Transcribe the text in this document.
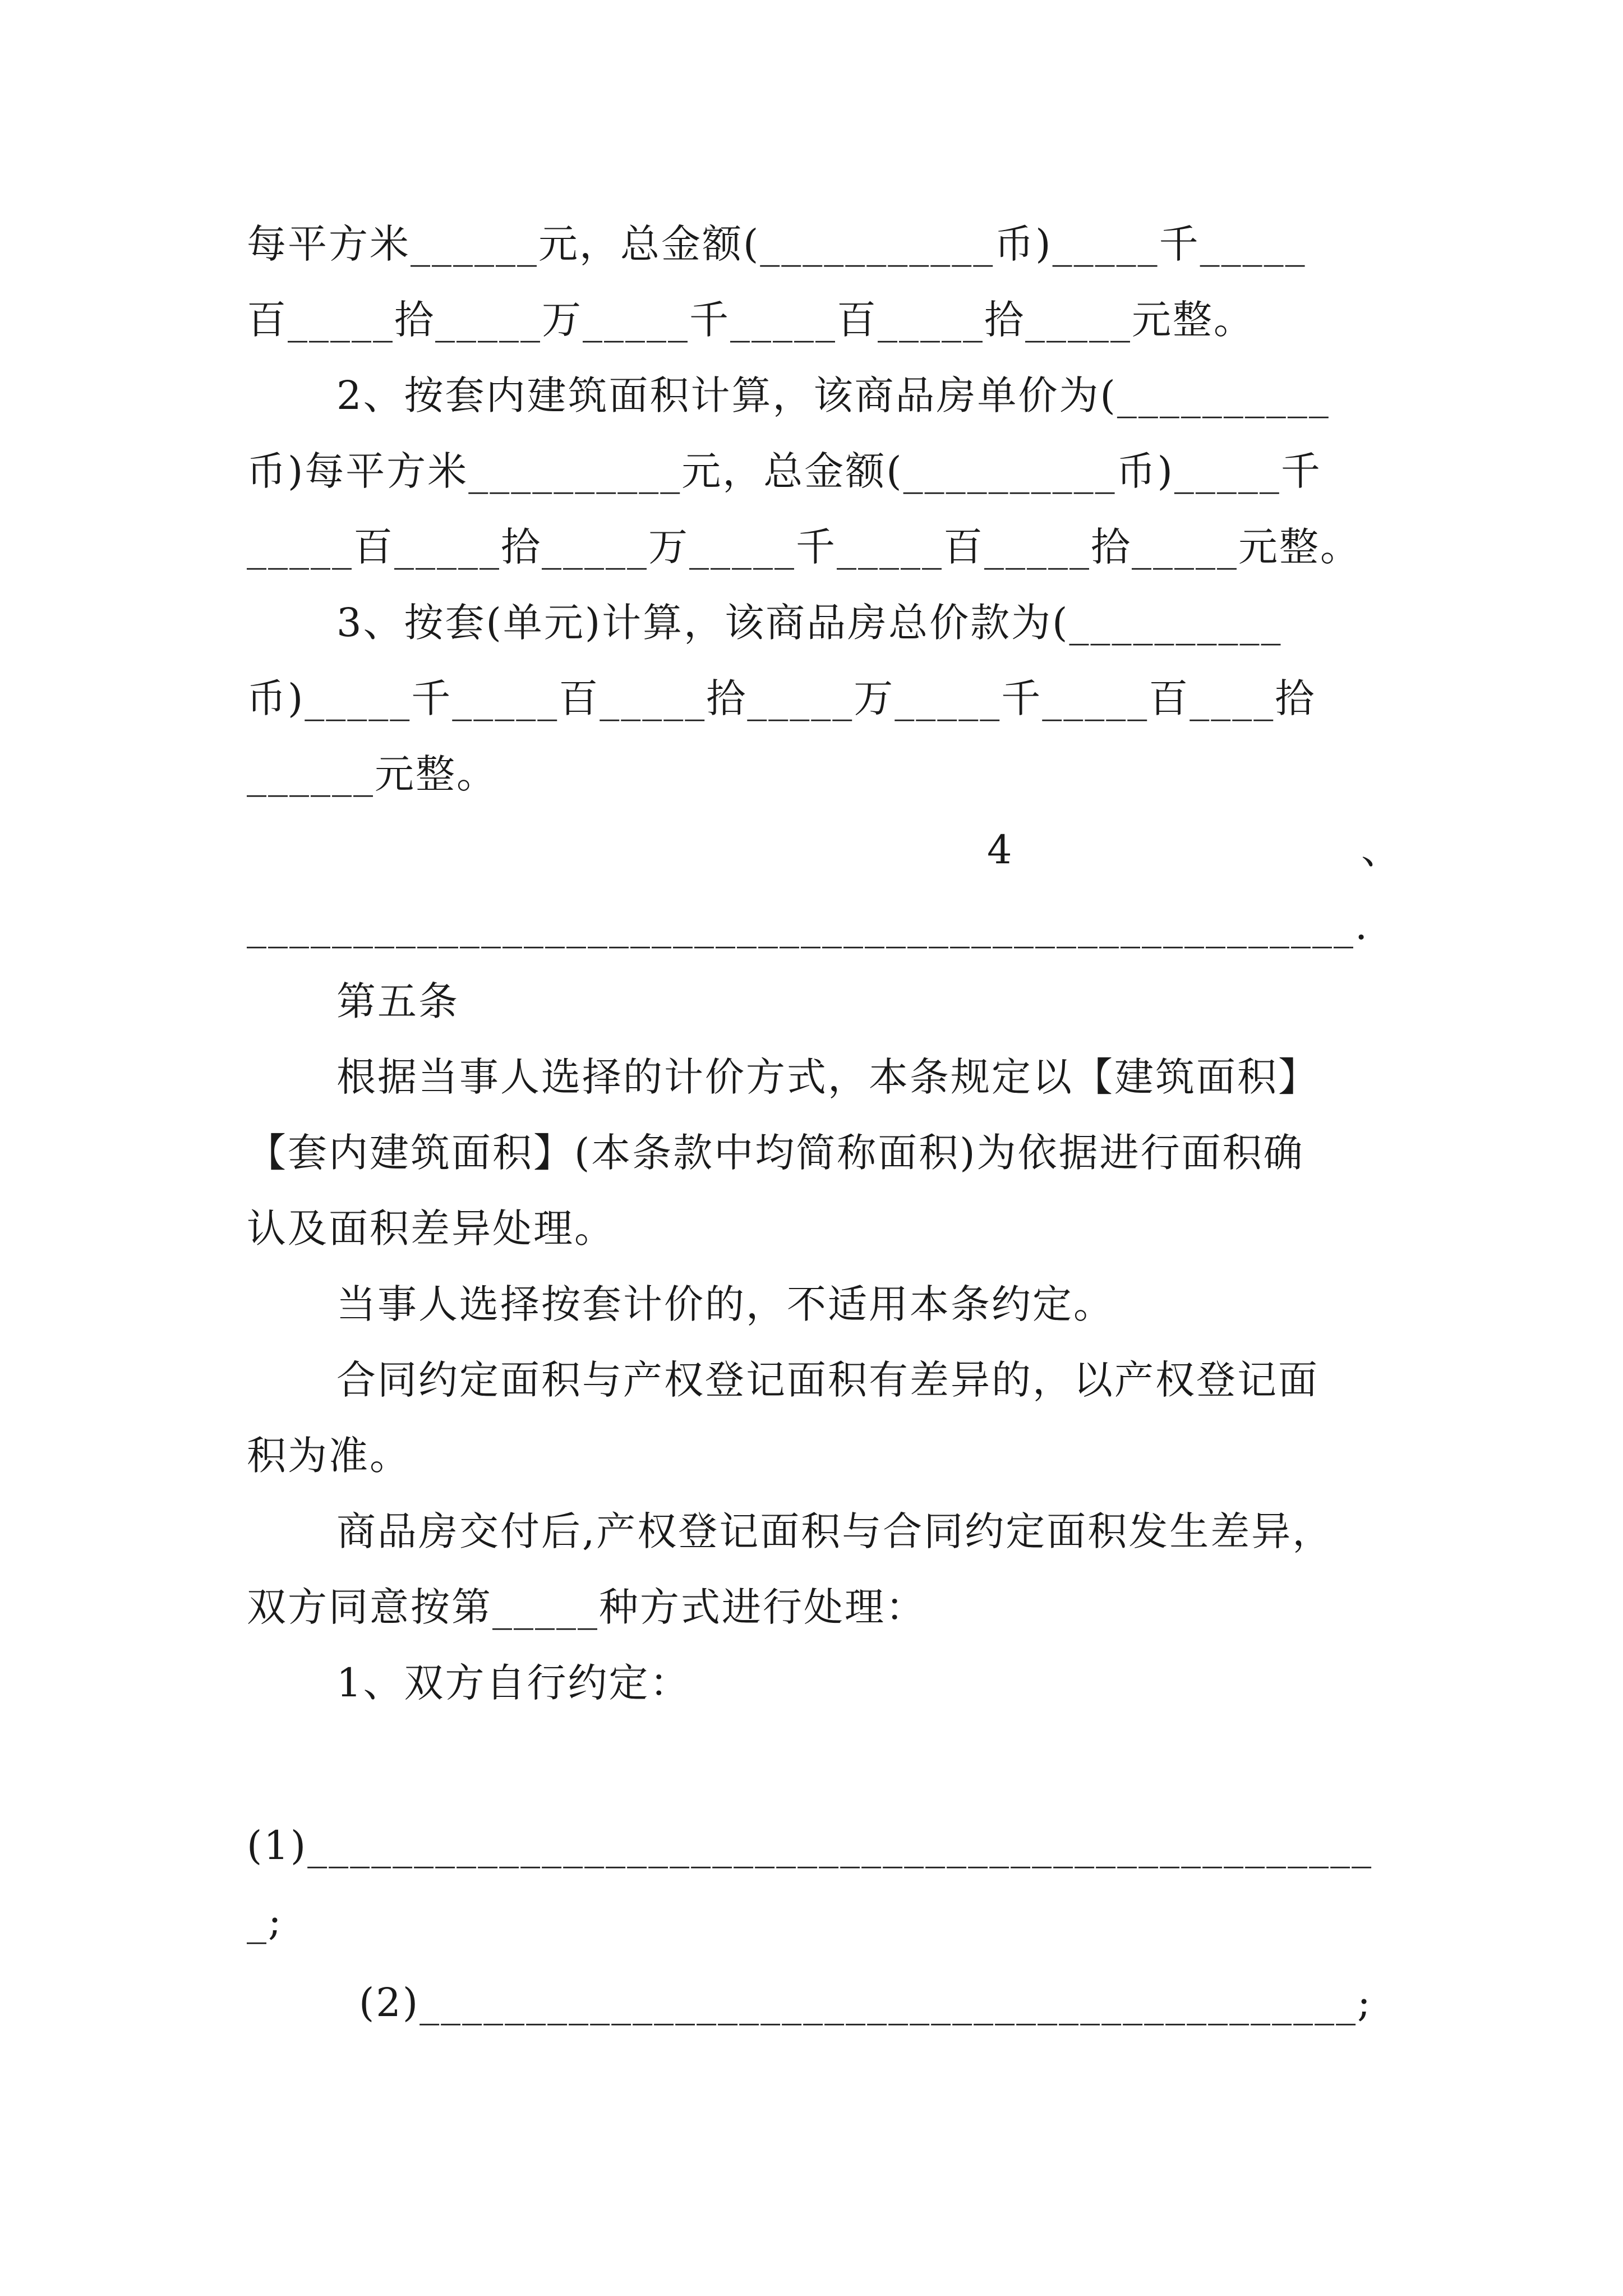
每平方米______元，总金额(___________币)_____千_____
百_____拾_____万_____千_____百_____拾_____元整。
2、按套内建筑面积计算，该商品房单价为(__________
币)每平方米__________元，总金额(__________币)_____千
_____百_____拾_____万_____千_____百_____拾_____元整。
3、按套(单元)计算，该商品房总价款为(__________
币)_____千_____百_____拾_____万_____千_____百____拾
______元整。
4	、
____________________________________________________.
第五条
根据当事人选择的计价方式，本条规定以【建筑面积】
【套内建筑面积】(本条款中均简称面积)为依据进行面积确
认及面积差异处理。
当事人选择按套计价的，不适用本条约定。
合同约定面积与产权登记面积有差异的，以产权登记面
积为准。
商品房交付后,产权登记面积与合同约定面积发生差异，
双方同意按第_____种方式进行处理：
1、双方自行约定：
(1)__________________________________________________
_;
(2)____________________________________________;
